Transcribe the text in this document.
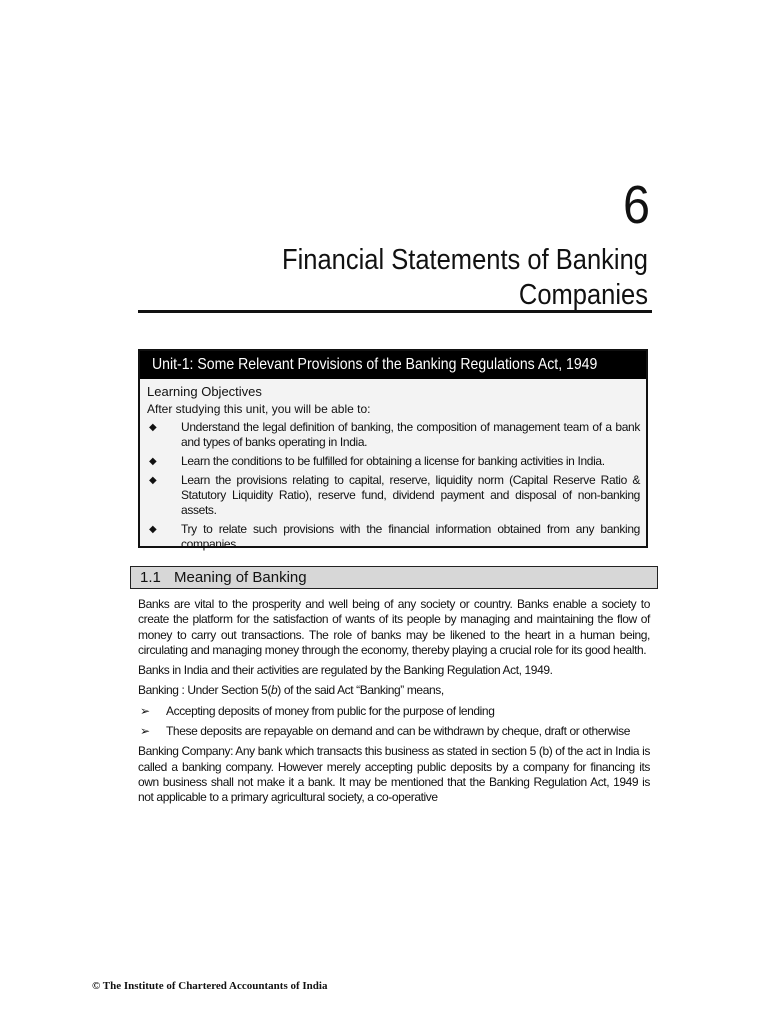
6
Financial Statements of Banking
Companies
Unit-1: Some Relevant Provisions of the Banking Regulations Act, 1949
Learning Objectives
After studying this unit, you will be able to:
◆ Understand the legal definition of banking, the composition of management team of a bank and types of banks operating in India.
◆ Learn the conditions to be fulfilled for obtaining a license for banking activities in India.
◆ Learn the provisions relating to capital, reserve, liquidity norm (Capital Reserve Ratio & Statutory Liquidity Ratio), reserve fund, dividend payment and disposal of non-banking assets.
◆ Try to relate such provisions with the financial information obtained from any banking companies.
1.1 Meaning of Banking

Banks are vital to the prosperity and well being of any society or country. Banks enable a society to create the platform for the satisfaction of wants of its people by managing and maintaining the flow of money to carry out transactions. The role of banks may be likened to the heart in a human being, circulating and managing money through the economy, thereby playing a crucial role for its good health.

Banks in India and their activities are regulated by the Banking Regulation Act, 1949.

Banking : Under Section 5(b) of the said Act “Banking” means,

➢ Accepting deposits of money from public for the purpose of lending
➢ These deposits are repayable on demand and can be withdrawn by cheque, draft or otherwise

Banking Company: Any bank which transacts this business as stated in section 5 (b) of the act in India is called a banking company. However merely accepting public deposits by a company for financing its own business shall not make it a bank. It may be mentioned that the Banking Regulation Act, 1949 is not applicable to a primary agricultural society, a co-operative

© The Institute of Chartered Accountants of India
